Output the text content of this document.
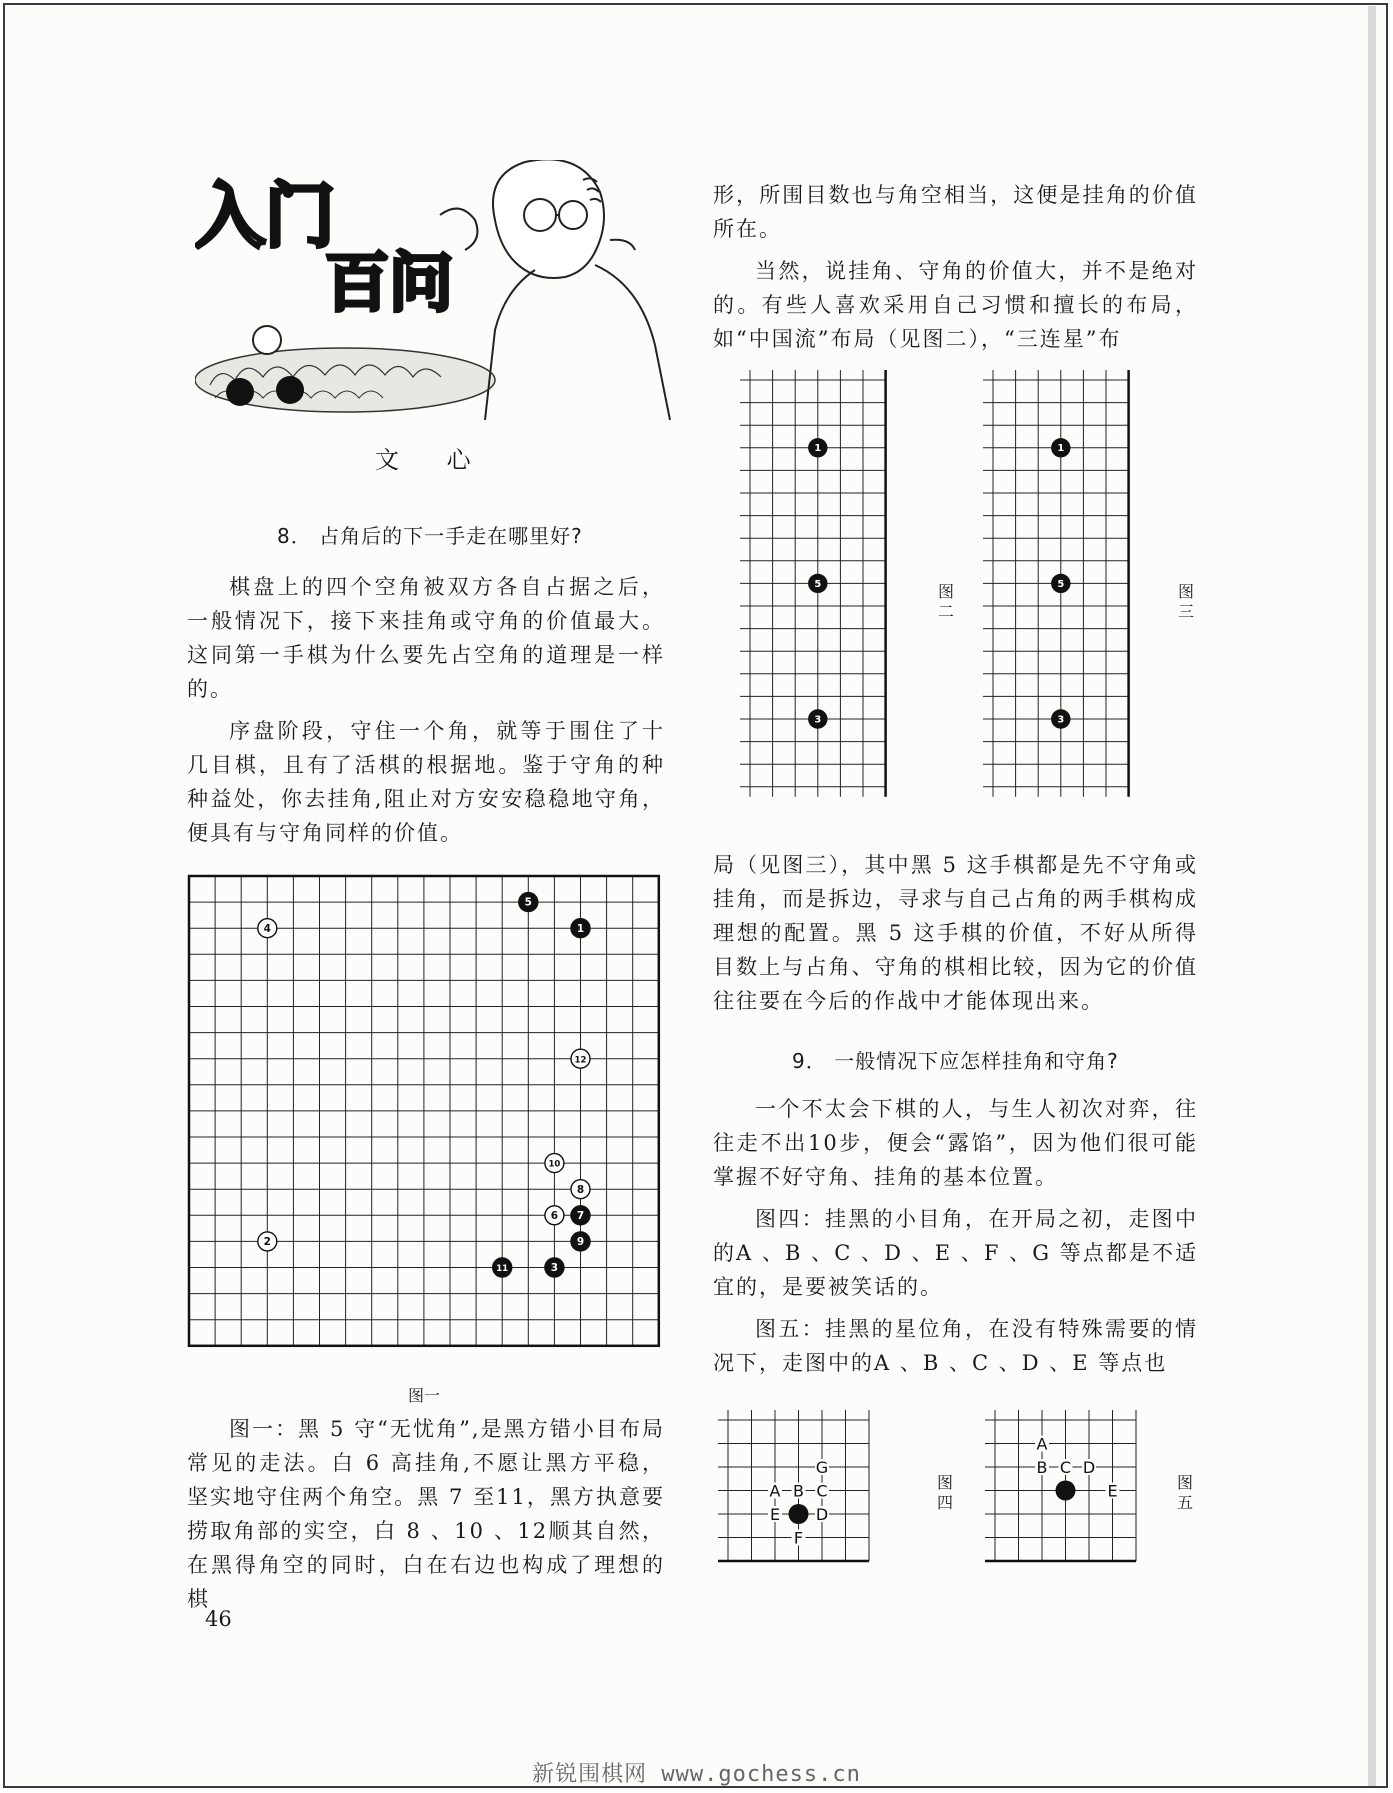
入门
百问
文 心
8． 占角后的下一手走在哪里好?

棋盘上的四个空角被双方各自占据之后，一般情况下，接下来挂角或守角的价值最大。这同第一手棋为什么要先占空角的道理是一样的。

序盘阶段，守住一个角，就等于围住了十几目棋，且有了活棋的根据地。鉴于守角的种种益处，你去挂角,阻止对方安安稳稳地守角，便具有与守角同样的价值。

1
2
3
4
5
6 7
8
9
10
11
12
图一

图一：黑 5 守“无忧角”,是黑方错小目布局常见的走法。白 6 高挂角,不愿让黑方平稳，坚实地守住两个角空。黑 7 至11，黑方执意要捞取角部的实空，白 8 、10 、12顺其自然，在黑得角空的同时，白在右边也构成了理想的棋

46

形，所围目数也与角空相当，这便是挂角的价值所在。

当然，说挂角、守角的价值大，并不是绝对的。有些人喜欢采用自己习惯和擅长的布局，如“中国流”布局（见图二），“三连星”布

1
5
3
图二
1
5
3
图三

局（见图三），其中黑 5 这手棋都是先不守角或挂角，而是拆边，寻求与自己占角的两手棋构成理想的配置。黑 5 这手棋的价值，不好从所得目数上与占角、守角的棋相比较，因为它的价值往往要在今后的作战中才能体现出来。

9． 一般情况下应怎样挂角和守角?

一个不太会下棋的人，与生人初次对弈，往往走不出10步，便会“露馅”，因为他们很可能掌握不好守角、挂角的基本位置。

图四：挂黑的小目角，在开局之初，走图中的A 、B 、C 、D 、E 、F 、G 等点都是不适宜的，是要被笑话的。

图五：挂黑的星位角，在没有特殊需要的情况下，走图中的A 、B 、C 、D 、E 等点也

A B C
D
E
F
G
图四
A
B C D
E	图五
新锐围棋网 www.gochess.cn
